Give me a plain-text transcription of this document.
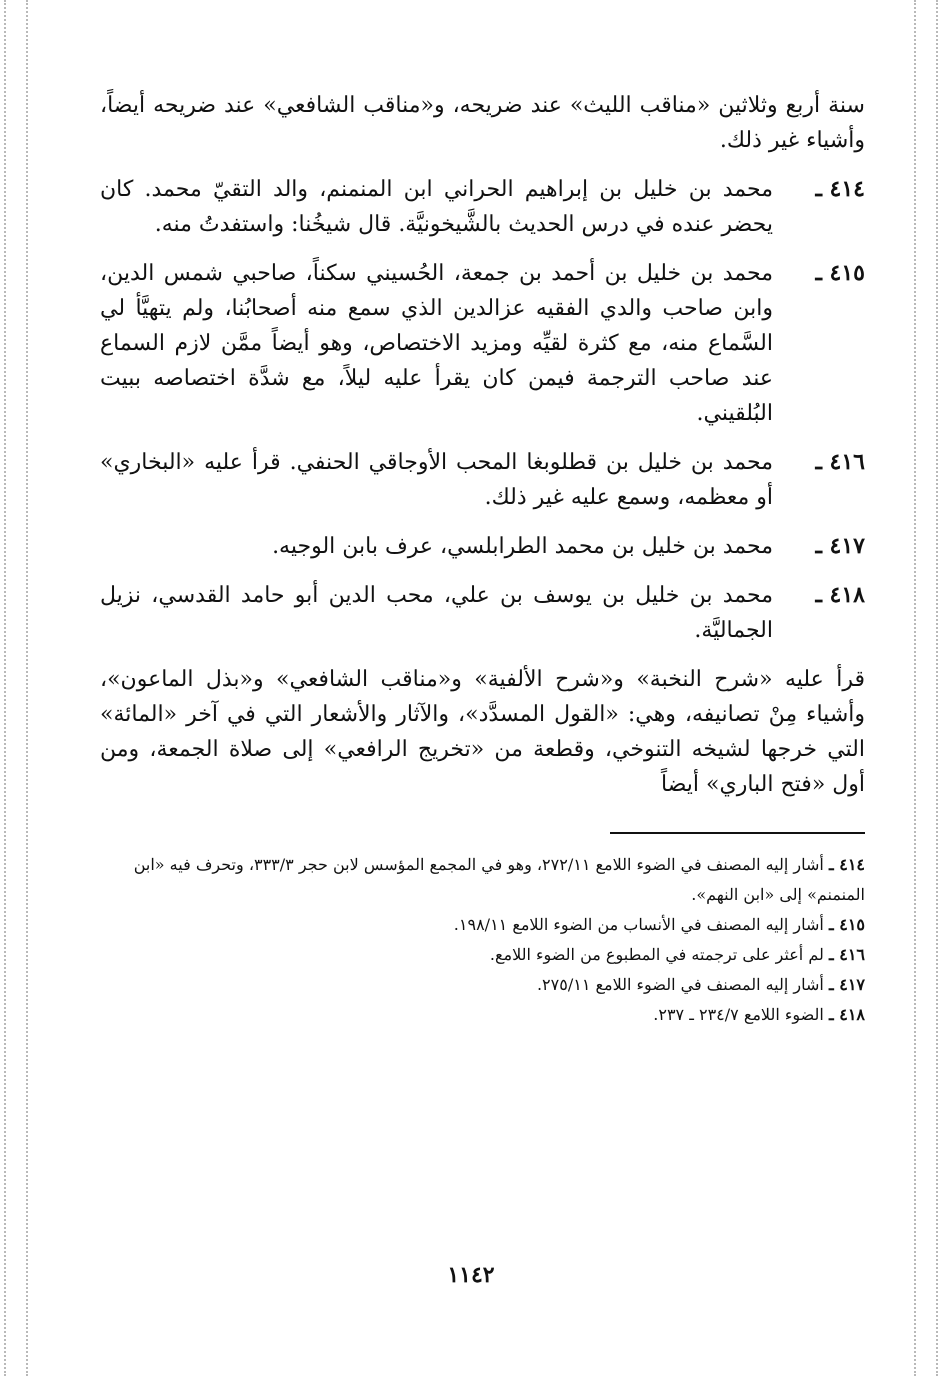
سنة أربع وثلاثين «مناقب الليث» عند ضريحه، و«مناقب الشافعي» عند ضريحه أيضاً، وأشياء غير ذلك.

٤١٤ ـ

محمد بن خليل بن إبراهيم الحراني ابن المنمنم، والد التقيّ محمد. كان يحضر عنده في درس الحديث بالشَّيخونيَّة. قال شيخُنا: واستفدتُ منه.

٤١٥ ـ

محمد بن خليل بن أحمد بن جمعة، الحُسيني سكناً، صاحبي شمس الدين، وابن صاحب والدي الفقيه عزالدين الذي سمع منه أصحابُنا، ولم يتهيَّأ لي السَّماع منه، مع كثرة لقيِّه ومزيد الاختصاص، وهو أيضاً ممَّن لازم السماع عند صاحب الترجمة فيمن كان يقرأ عليه ليلاً، مع شدَّة اختصاصه ببيت البُلقيني.

٤١٦ ـ

محمد بن خليل بن قطلوبغا المحب الأوجاقي الحنفي. قرأ عليه «البخاري» أو معظمه، وسمع عليه غير ذلك.

٤١٧ ـ

محمد بن خليل بن محمد الطرابلسي، عرف بابن الوجيه.

٤١٨ ـ

محمد بن خليل بن يوسف بن علي، محب الدين أبو حامد القدسي، نزيل الجماليَّة.

قرأ عليه «شرح النخبة» و«شرح الألفية» و«مناقب الشافعي» و«بذل الماعون»، وأشياء مِنْ تصانيفه، وهي: «القول المسدَّد»، والآثار والأشعار التي في آخر «المائة» التي خرجها لشيخه التنوخي، وقطعة من «تخريج الرافعي» إلى صلاة الجمعة، ومن أول «فتح الباري» أيضاً

٤١٤ ـ أشار إليه المصنف في الضوء اللامع ٢٧٢/١١، وهو في المجمع المؤسس لابن حجر ٣٣٣/٣، وتحرف فيه «ابن المنمنم» إلى «ابن النهم».

٤١٥ ـ أشار إليه المصنف في الأنساب من الضوء اللامع ١٩٨/١١.

٤١٦ ـ لم أعثر على ترجمته في المطبوع من الضوء اللامع.

٤١٧ ـ أشار إليه المصنف في الضوء اللامع ٢٧٥/١١.

٤١٨ ـ الضوء اللامع ٢٣٤/٧ ـ ٢٣٧.

١١٤٢
